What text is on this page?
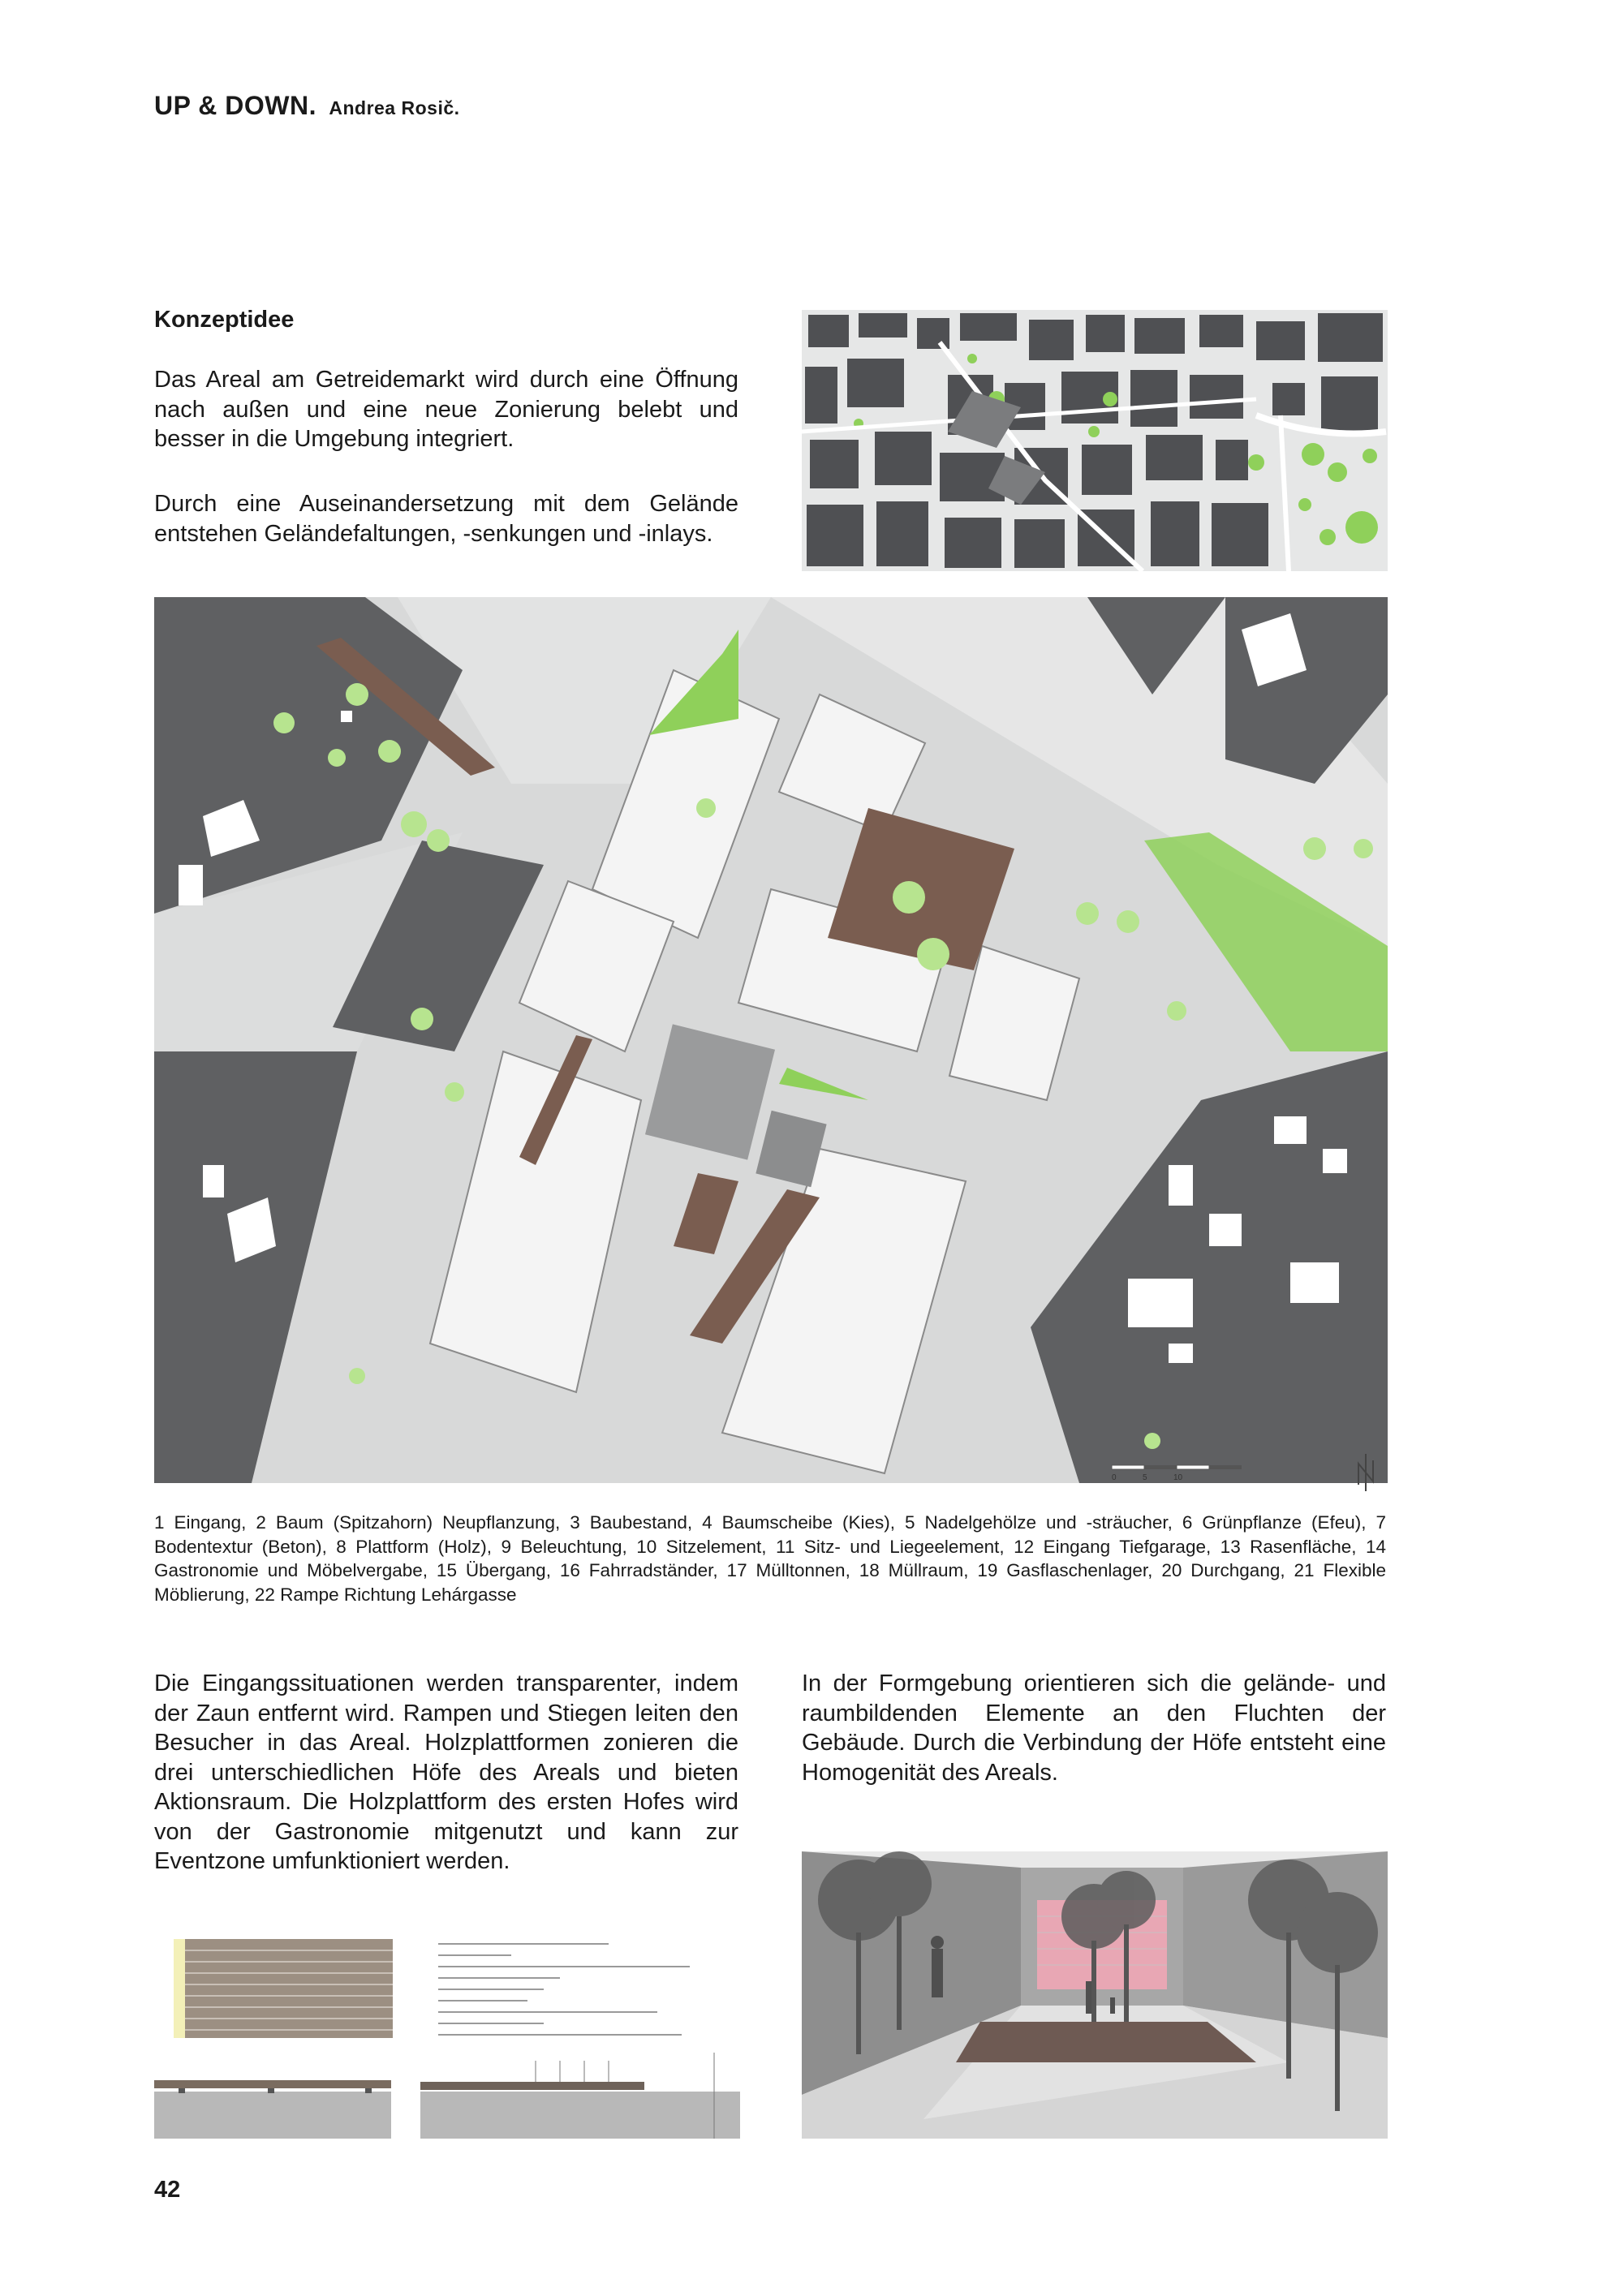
UP & DOWN. Andrea Rosič.
Konzeptidee
Das Areal am Getreidemarkt wird durch eine Öffnung nach außen und eine neue Zonierung belebt und besser in die Umgebung integriert.
Durch eine Auseinandersetzung mit dem Gelände entstehen Geländefaltungen, -senkungen und -inlays.
0	5	10
1 Eingang, 2 Baum (Spitzahorn) Neupflanzung, 3 Baubestand, 4 Baumscheibe (Kies), 5 Nadelgehölze und -sträucher, 6 Grünpflanze (Efeu), 7 Bodentextur (Beton), 8 Plattform (Holz), 9 Beleuchtung, 10 Sitzelement, 11 Sitz- und Liegeelement, 12 Eingang Tiefgarage, 13 Rasenfläche, 14 Gastronomie und Möbelvergabe, 15 Übergang, 16 Fahrradständer, 17 Mülltonnen, 18 Müllraum, 19 Gasflaschenlager, 20 Durchgang, 21 Flexible Möblierung, 22 Rampe Richtung Lehárgasse
Die Eingangssituationen werden transparenter, indem der Zaun entfernt wird. Rampen und Stiegen leiten den Besucher in das Areal. Holzplattformen zonieren die drei unterschiedlichen Höfe des Areals und bieten Aktionsraum. Die Holzplattform des ersten Hofes wird von der Gastronomie mitgenutzt und kann zur Eventzone umfunktioniert werden.
In der Formgebung orientieren sich die gelände- und raumbildenden Elemente an den Fluchten der Gebäude. Durch die Verbindung der Höfe entsteht eine Homogenität des Areals.
42
